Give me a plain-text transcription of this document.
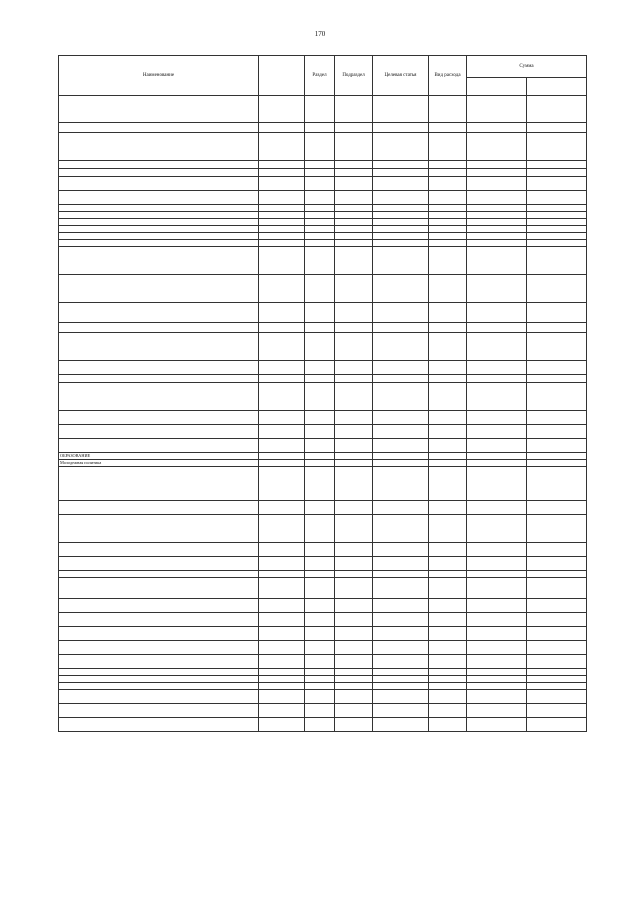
170
Наименование		Раздел	Подраздел	Целевая статья	Вид расхода	Сумма	

ОБРАЗОВАНИЕ							
Молодежная политика							
